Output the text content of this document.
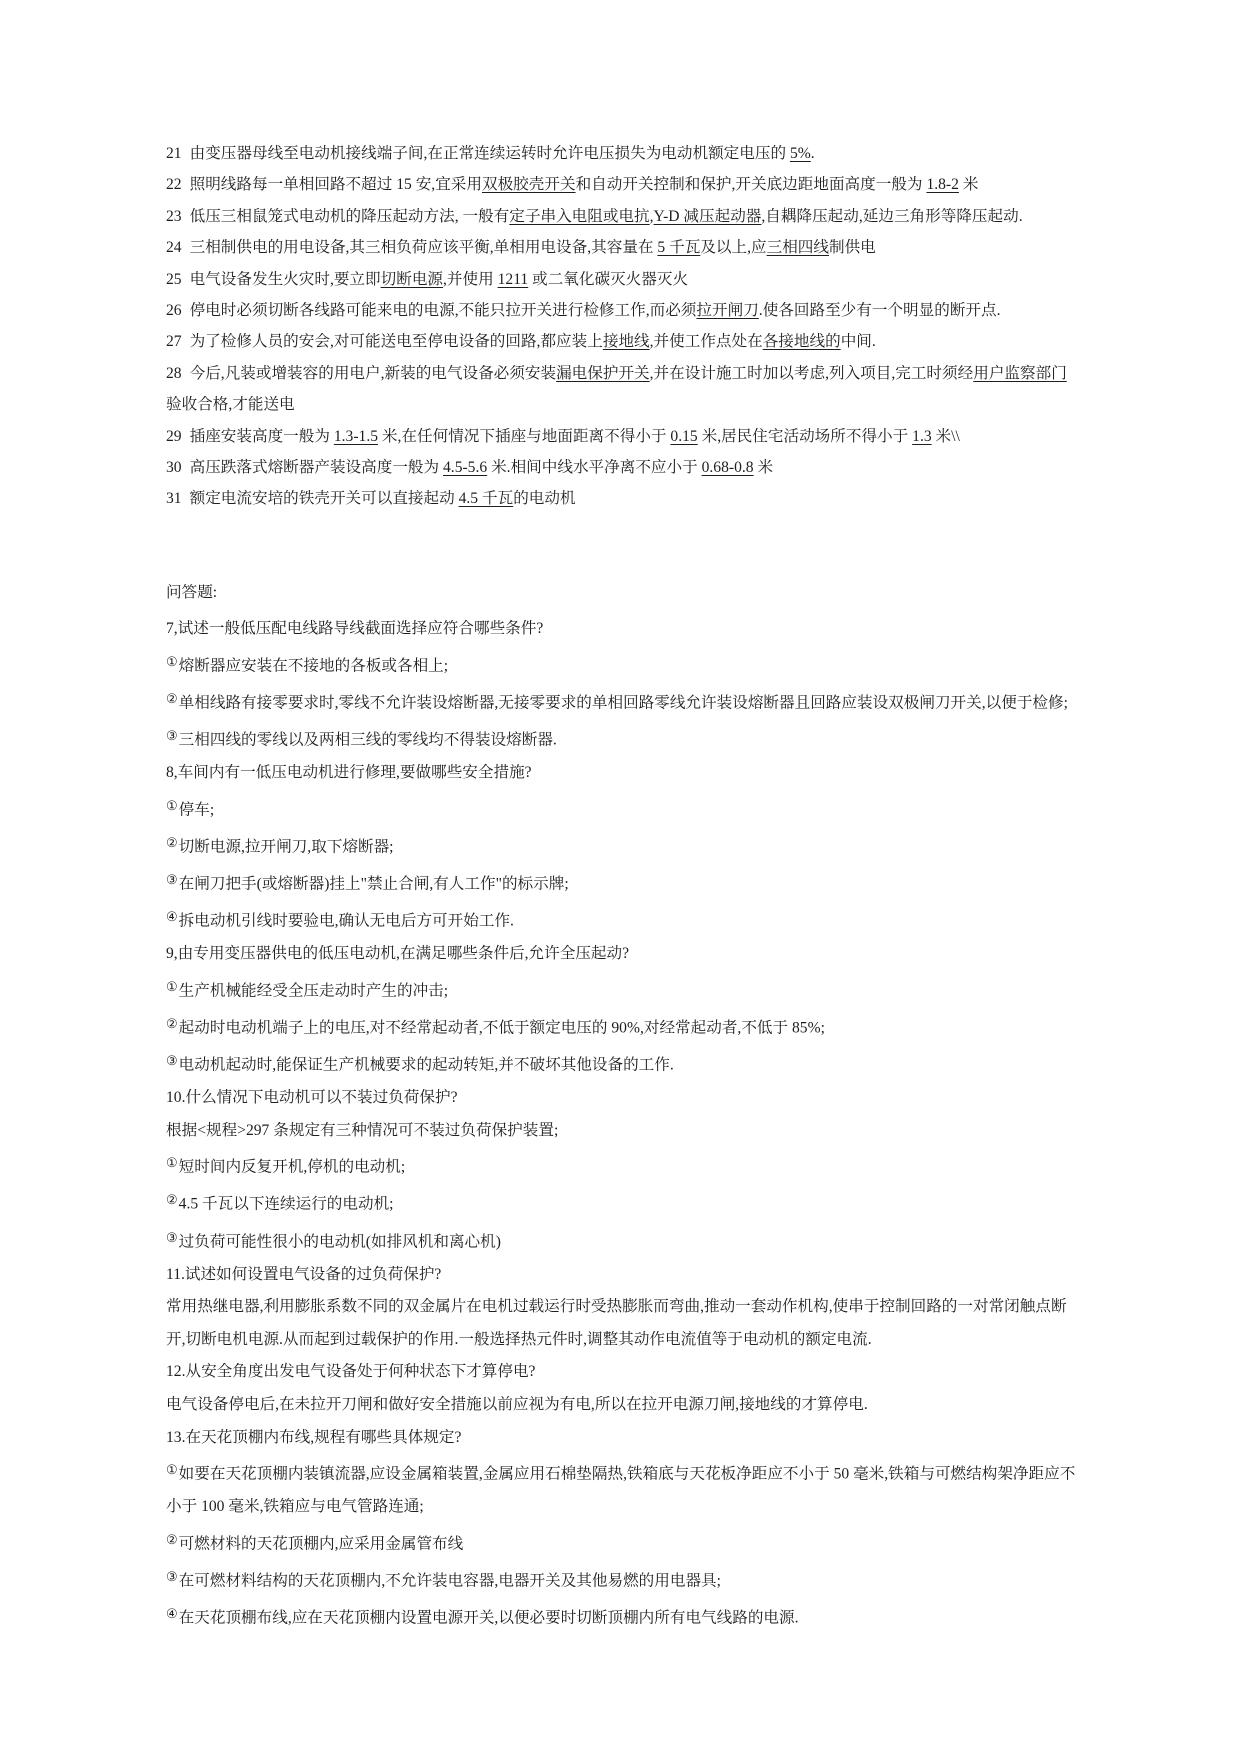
21 由变压器母线至电动机接线端子间,在正常连续运转时允许电压损失为电动机额定电压的 5%.

22 照明线路每一单相回路不超过 15 安,宜采用双极胶壳开关和自动开关控制和保护,开关底边距地面高度一般为 1.8-2 米

23 低压三相鼠笼式电动机的降压起动方法, 一般有定子串入电阻或电抗,Y-D 减压起动器,自耦降压起动,延边三角形等降压起动.

24 三相制供电的用电设备,其三相负荷应该平衡,单相用电设备,其容量在 5 千瓦及以上,应三相四线制供电

25 电气设备发生火灾时,要立即切断电源,并使用 1211 或二氧化碳灭火器灭火

26 停电时必须切断各线路可能来电的电源,不能只拉开关进行检修工作,而必须拉开闸刀.使各回路至少有一个明显的断开点.

27 为了检修人员的安会,对可能送电至停电设备的回路,都应装上接地线,并使工作点处在各接地线的中间.

28 今后,凡装或增装容的用电户,新装的电气设备必须安装漏电保护开关,并在设计施工时加以考虑,列入项目,完工时须经用户监察部门验收合格,才能送电

29 插座安装高度一般为 1.3-1.5 米,在任何情况下插座与地面距离不得小于 0.15 米,居民住宅活动场所不得小于 1.3 米\\

30 高压跌落式熔断器产装设高度一般为 4.5-5.6 米.相间中线水平净离不应小于 0.68-0.8 米

31 额定电流安培的铁壳开关可以直接起动 4.5 千瓦的电动机

问答题:

7,试述一般低压配电线路导线截面选择应符合哪些条件?

①熔断器应安装在不接地的各板或各相上;

②单相线路有接零要求时,零线不允许装设熔断器,无接零要求的单相回路零线允许装设熔断器且回路应装设双极闸刀开关,以便于检修;

③三相四线的零线以及两相三线的零线均不得装设熔断器.

8,车间内有一低压电动机进行修理,要做哪些安全措施?

①停车;

②切断电源,拉开闸刀,取下熔断器;

③在闸刀把手(或熔断器)挂上"禁止合闸,有人工作"的标示牌;

④拆电动机引线时要验电,确认无电后方可开始工作.

9,由专用变压器供电的低压电动机,在满足哪些条件后,允许全压起动?

①生产机械能经受全压走动时产生的冲击;

②起动时电动机端子上的电压,对不经常起动者,不低于额定电压的 90%,对经常起动者,不低于 85%;

③电动机起动时,能保证生产机械要求的起动转矩,并不破坏其他设备的工作.

10.什么情况下电动机可以不装过负荷保护?

根据<规程>297 条规定有三种情况可不装过负荷保护装置;

①短时间内反复开机,停机的电动机;

②4.5 千瓦以下连续运行的电动机;

③过负荷可能性很小的电动机(如排风机和离心机)

11.试述如何设置电气设备的过负荷保护?

常用热继电器,利用膨胀系数不同的双金属片在电机过载运行时受热膨胀而弯曲,推动一套动作机构,使串于控制回路的一对常闭触点断开,切断电机电源.从而起到过载保护的作用.一般选择热元件时,调整其动作电流值等于电动机的额定电流.

12.从安全角度出发电气设备处于何种状态下才算停电?

电气设备停电后,在未拉开刀闸和做好安全措施以前应视为有电,所以在拉开电源刀闸,接地线的才算停电.

13.在天花顶棚内布线,规程有哪些具体规定?

①如要在天花顶棚内装镇流器,应设金属箱装置,金属应用石棉垫隔热,铁箱底与天花板净距应不小于 50 毫米,铁箱与可燃结构架净距应不小于 100 毫米,铁箱应与电气管路连通;

②可燃材料的天花顶棚内,应采用金属管布线

③在可燃材料结构的天花顶棚内,不允许装电容器,电器开关及其他易燃的用电器具;

④在天花顶棚布线,应在天花顶棚内设置电源开关,以便必要时切断顶棚内所有电气线路的电源.
